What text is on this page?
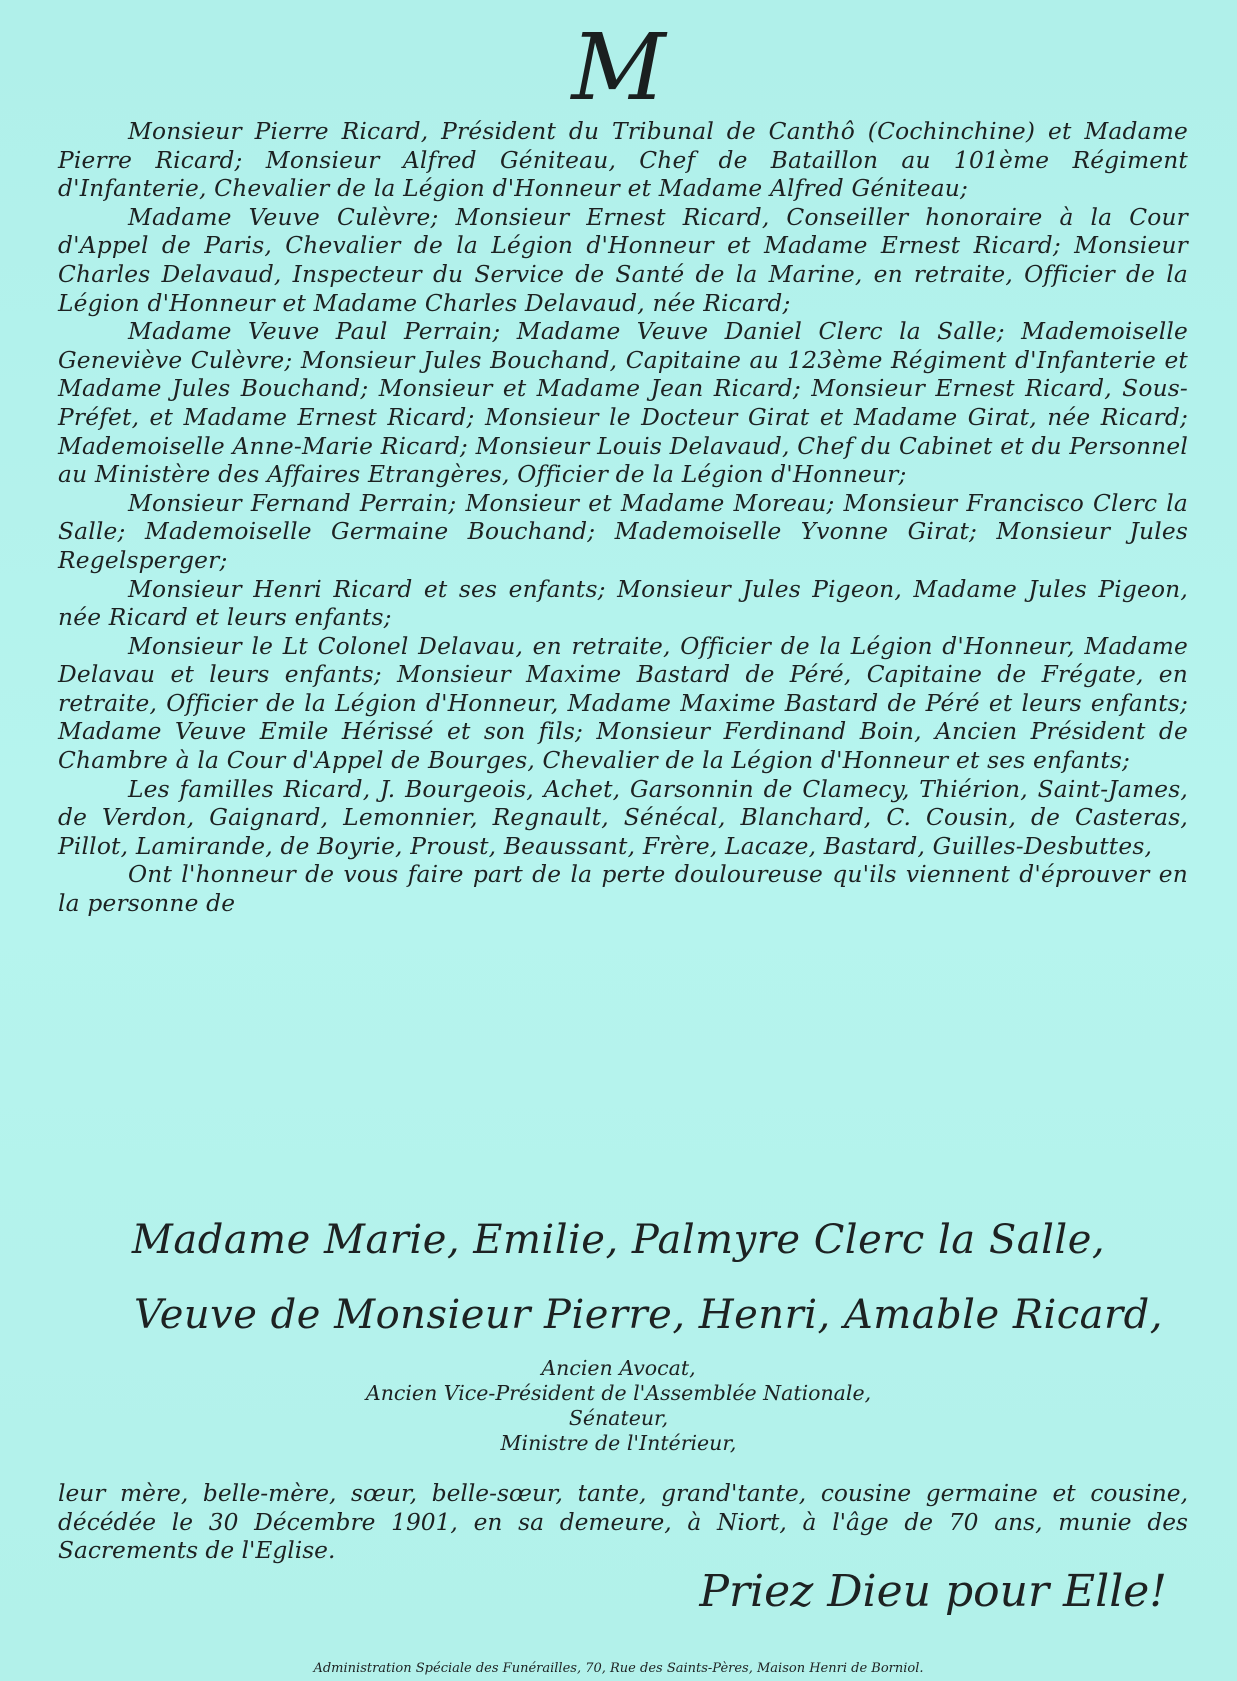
M

Monsieur Pierre Ricard, Président du Tribunal de Canthô (Cochinchine) et Madame Pierre Ricard; Monsieur Alfred Géniteau, Chef de Bataillon au 101ème Régiment d'Infanterie, Chevalier de la Légion d'Honneur et Madame Alfred Géniteau;

Madame Veuve Culèvre; Monsieur Ernest Ricard, Conseiller honoraire à la Cour d'Appel de Paris, Chevalier de la Légion d'Honneur et Madame Ernest Ricard; Monsieur Charles Delavaud, Inspecteur du Service de Santé de la Marine, en retraite, Officier de la Légion d'Honneur et Madame Charles Delavaud, née Ricard;

Madame Veuve Paul Perrain; Madame Veuve Daniel Clerc la Salle; Mademoiselle Geneviève Culèvre; Monsieur Jules Bouchand, Capitaine au 123ème Régiment d'Infanterie et Madame Jules Bouchand; Monsieur et Madame Jean Ricard; Monsieur Ernest Ricard, Sous-Préfet, et Madame Ernest Ricard; Monsieur le Docteur Girat et Madame Girat, née Ricard; Mademoiselle Anne-Marie Ricard; Monsieur Louis Delavaud, Chef du Cabinet et du Personnel au Ministère des Affaires Etrangères, Officier de la Légion d'Honneur;

Monsieur Fernand Perrain; Monsieur et Madame Moreau; Monsieur Francisco Clerc la Salle; Mademoiselle Germaine Bouchand; Mademoiselle Yvonne Girat; Monsieur Jules Regelsperger;

Monsieur Henri Ricard et ses enfants; Monsieur Jules Pigeon, Madame Jules Pigeon, née Ricard et leurs enfants;

Monsieur le Lt Colonel Delavau, en retraite, Officier de la Légion d'Honneur, Madame Delavau et leurs enfants; Monsieur Maxime Bastard de Péré, Capitaine de Frégate, en retraite, Officier de la Légion d'Honneur, Madame Maxime Bastard de Péré et leurs enfants; Madame Veuve Emile Hérissé et son fils; Monsieur Ferdinand Boin, Ancien Président de Chambre à la Cour d'Appel de Bourges, Chevalier de la Légion d'Honneur et ses enfants;

Les familles Ricard, J. Bourgeois, Achet, Garsonnin de Clamecy, Thiérion, Saint-James, de Verdon, Gaignard, Lemonnier, Regnault, Sénécal, Blanchard, C. Cousin, de Casteras, Pillot, Lamirande, de Boyrie, Proust, Beaussant, Frère, Lacaze, Bastard, Guilles-Desbuttes,

Ont l'honneur de vous faire part de la perte douloureuse qu'ils viennent d'éprouver en la personne de

Madame Marie, Emilie, Palmyre Clerc la Salle,
Veuve de Monsieur Pierre, Henri, Amable Ricard,
Ancien Avocat,
Ancien Vice-Président de l'Assemblée Nationale,
Sénateur,
Ministre de l'Intérieur,
leur mère, belle-mère, sœur, belle-sœur, tante, grand'tante, cousine germaine et cousine, décédée le 30 Décembre 1901, en sa demeure, à Niort, à l'âge de 70 ans, munie des Sacrements de l'Eglise.
Priez Dieu pour Elle!
Administration Spéciale des Funérailles, 70, Rue des Saints-Pères, Maison Henri de Borniol.
